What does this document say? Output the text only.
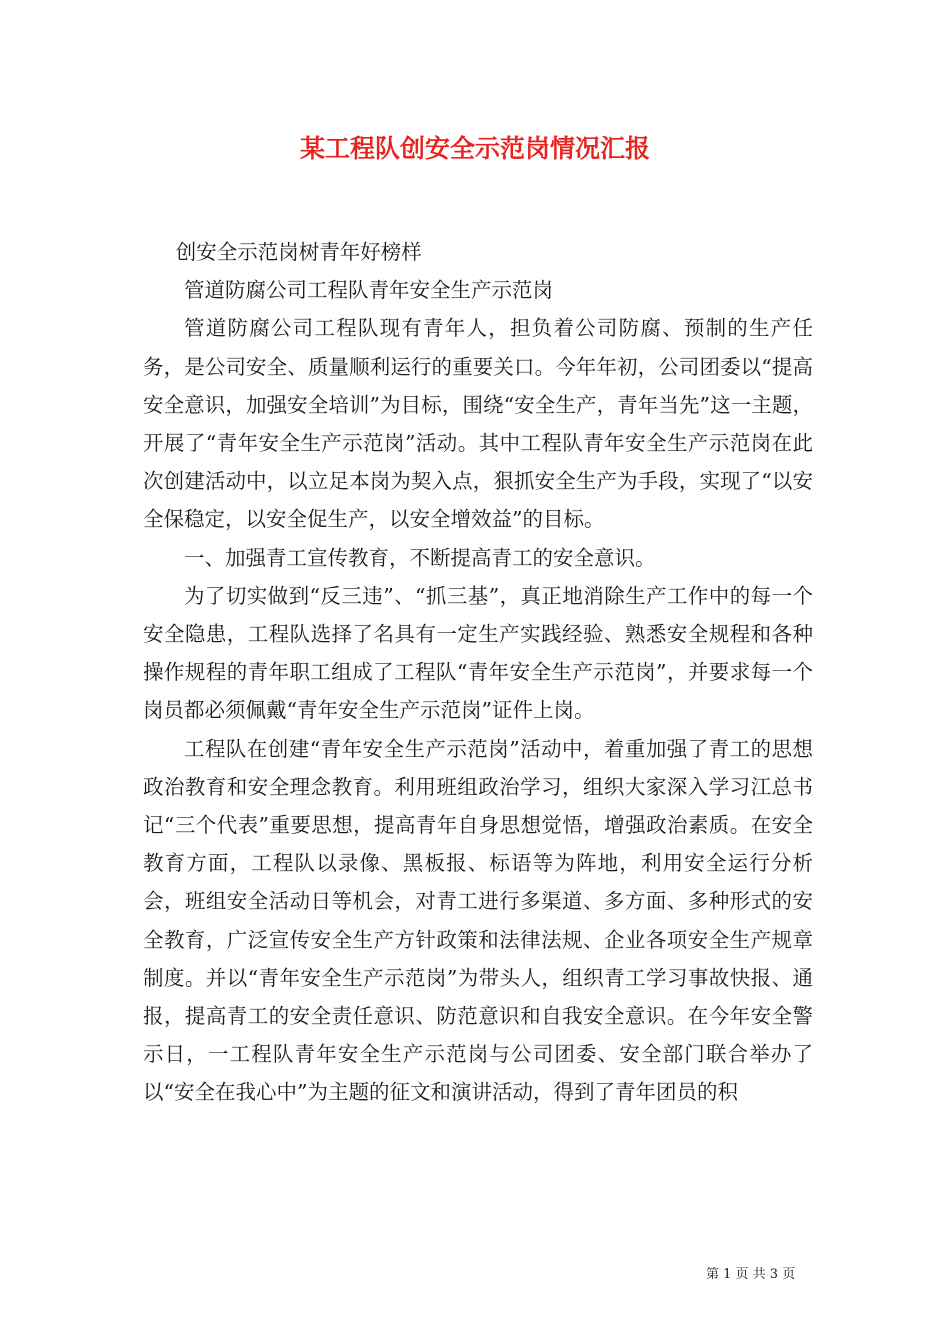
某工程队创安全示范岗情况汇报

创安全示范岗树青年好榜样

管道防腐公司工程队青年安全生产示范岗

管道防腐公司工程队现有青年人，担负着公司防腐、预制的生产任务，是公司安全、质量顺利运行的重要关口。今年年初，公司团委以“提高安全意识，加强安全培训”为目标，围绕“安全生产，青年当先”这一主题，开展了“青年安全生产示范岗”活动。其中工程队青年安全生产示范岗在此次创建活动中，以立足本岗为契入点，狠抓安全生产为手段，实现了“以安全保稳定，以安全促生产，以安全增效益”的目标。

一、加强青工宣传教育，不断提高青工的安全意识。

为了切实做到“反三违”、“抓三基”，真正地消除生产工作中的每一个安全隐患，工程队选择了名具有一定生产实践经验、熟悉安全规程和各种操作规程的青年职工组成了工程队“青年安全生产示范岗”，并要求每一个岗员都必须佩戴“青年安全生产示范岗”证件上岗。

工程队在创建“青年安全生产示范岗”活动中，着重加强了青工的思想政治教育和安全理念教育。利用班组政治学习，组织大家深入学习江总书记“三个代表”重要思想，提高青年自身思想觉悟，增强政治素质。在安全教育方面，工程队以录像、黑板报、标语等为阵地，利用安全运行分析会，班组安全活动日等机会，对青工进行多渠道、多方面、多种形式的安全教育，广泛宣传安全生产方针政策和法律法规、企业各项安全生产规章制度。并以“青年安全生产示范岗”为带头人，组织青工学习事故快报、通报，提高青工的安全责任意识、防范意识和自我安全意识。在今年安全警示日，一工程队青年安全生产示范岗与公司团委、安全部门联合举办了以“安全在我心中”为主题的征文和演讲活动，得到了青年团员的积

第 1 页 共 3 页
